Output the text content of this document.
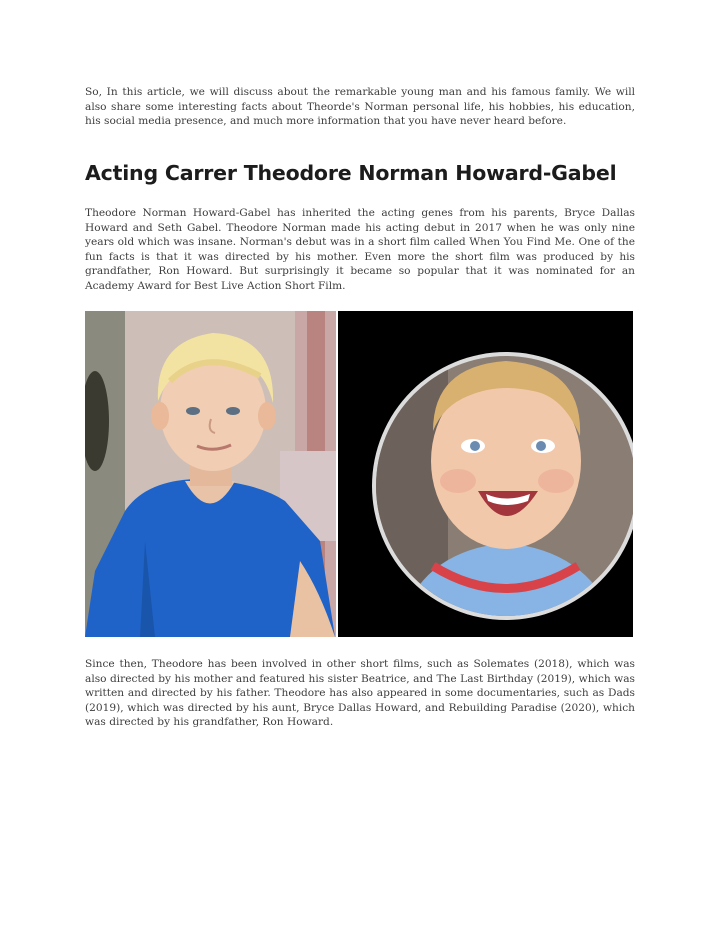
So, In this article, we will discuss about the remarkable young man and his famous family. We will also share some interesting facts about Theorde's Norman personal life, his hobbies, his education, his social media presence, and much more information that you have never heard before.

Acting Carrer Theodore Norman Howard-Gabel

Theodore Norman Howard-Gabel has inherited the acting genes from his parents, Bryce Dallas Howard and Seth Gabel. Theodore Norman made his acting debut in 2017 when he was only nine years old which was insane. Norman's debut was in a short film called When You Find Me. One of the fun facts is that it was directed by his mother. Even more the short film was produced by his grandfather, Ron Howard. But surprisingly it became so popular that it was nominated for an Academy Award for Best Live Action Short Film.

Since then, Theodore has been involved in other short films, such as Solemates (2018), which was also directed by his mother and featured his sister Beatrice, and The Last Birthday (2019), which was written and directed by his father. Theodore has also appeared in some documentaries, such as Dads (2019), which was directed by his aunt, Bryce Dallas Howard, and Rebuilding Paradise (2020), which was directed by his grandfather, Ron Howard.
